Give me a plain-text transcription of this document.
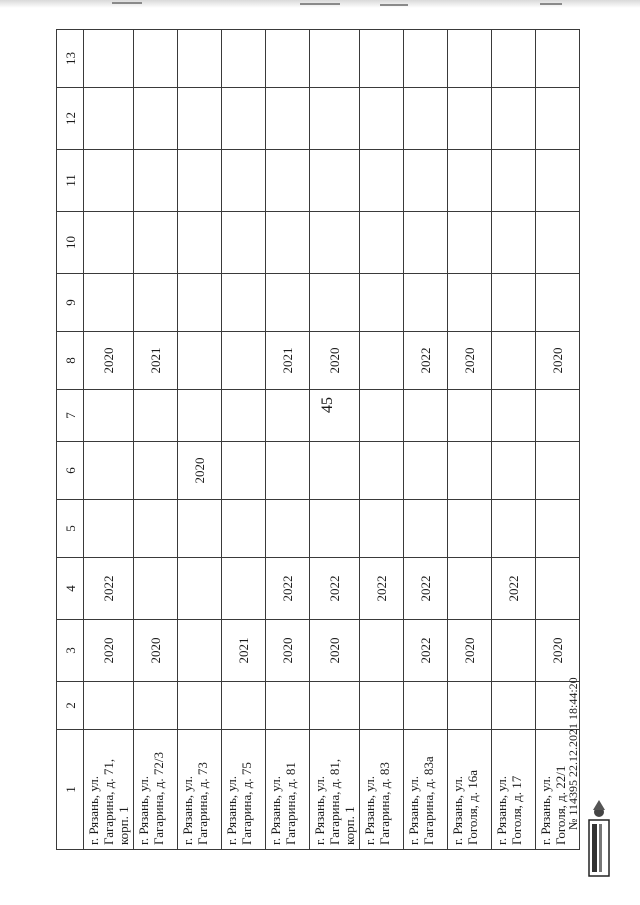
45
1	2	3	4	5	6	7	8	9	10	11	12	13
г. Рязань, ул. Гагарина, д. 71, корп. 1		2020	2022				2020					
г. Рязань, ул. Гагарина, д. 72/3		2020					2021					
г. Рязань, ул. Гагарина, д. 73					2020							
г. Рязань, ул. Гагарина, д. 75		2021										
г. Рязань, ул. Гагарина, д. 81		2020	2022				2021					
г. Рязань, ул. Гагарина, д. 81, корп. 1		2020	2022				2020					
г. Рязань, ул. Гагарина, д. 83			2022									
г. Рязань, ул. Гагарина, д. 83а		2022	2022				2022					
г. Рязань, ул. Гоголя, д. 16а		2020					2020					
г. Рязань, ул. Гоголя, д. 17			2022									
г. Рязань, ул. Гоголя, д. 22/1		2020					2020					
№ 114395 22.12.2021 18:44:20
